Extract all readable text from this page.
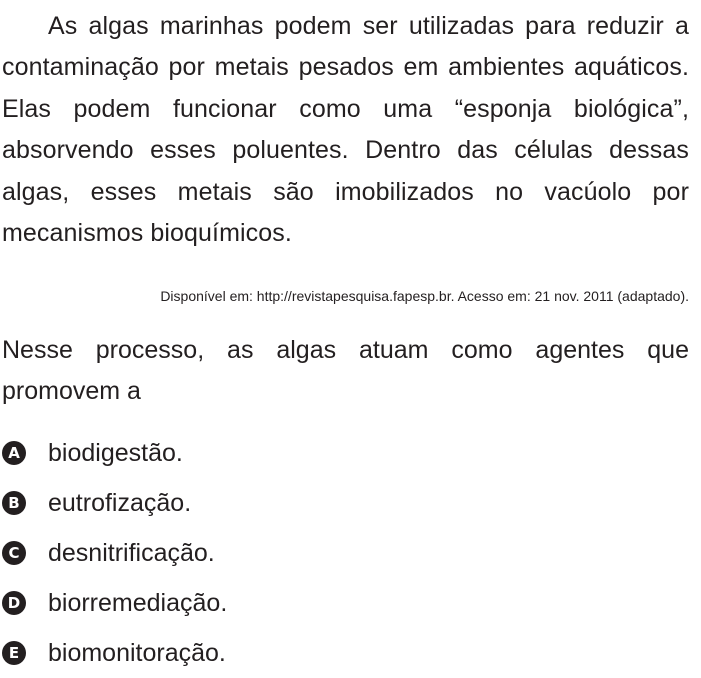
As algas marinhas podem ser utilizadas para reduzir a contaminação por metais pesados em ambientes aquáticos. Elas podem funcionar como uma “esponja biológica”, absorvendo esses poluentes. Dentro das células dessas algas, esses metais são imobilizados no vacúolo por mecanismos bioquímicos.

Disponível em: http://revistapesquisa.fapesp.br. Acesso em: 21 nov. 2011 (adaptado).

Nesse processo, as algas atuam como agentes que promovem a

A biodigestão.
B eutrofização.
C desnitrificação.
D biorremediação.
E biomonitoração.
